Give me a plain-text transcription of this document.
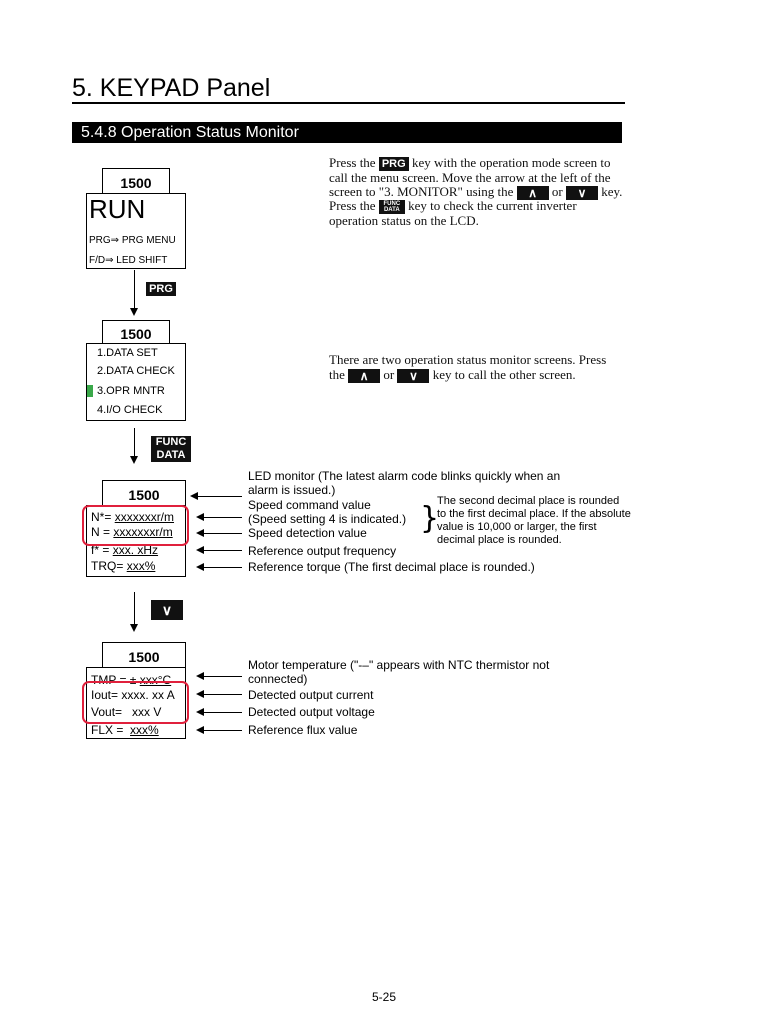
5. KEYPAD Panel
5.4.8 Operation Status Monitor
Press the PRG key with the operation mode screen to
call the menu screen. Move the arrow at the left of the
screen to "3. MONITOR" using the ∧ or ∨ key.
Press the FUNC
DATA key to check the current inverter
operation status on the LCD.
There are two operation status monitor screens. Press
the ∧ or ∨ key to call the other screen.
1500
RUN
PRG⇒ PRG MENU
F/D⇒ LED SHIFT
PRG
1500
1.DATA SET
2.DATA CHECK
3.OPR MNTR
4.I/O CHECK
FUNC
DATA
1500
N*= xxxxxxxr/m
N = xxxxxxxr/m
f* = xxx. xHz
TRQ= xxx%
LED monitor (The latest alarm code blinks quickly when an
alarm is issued.)
Speed command value
(Speed setting 4 is indicated.)
Speed detection value
Reference output frequency
Reference torque (The first decimal place is rounded.)
}
The second decimal place is rounded
to the first decimal place. If the absolute
value is 10,000 or larger, the first
decimal place is rounded.
∨
1500
TMP = ± xxx°C
Iout= xxxx. xx A
Vout= xxx V
FLX = xxx%
Motor temperature ("-–" appears with NTC thermistor not
connected)
Detected output current
Detected output voltage
Reference flux value
5-25
